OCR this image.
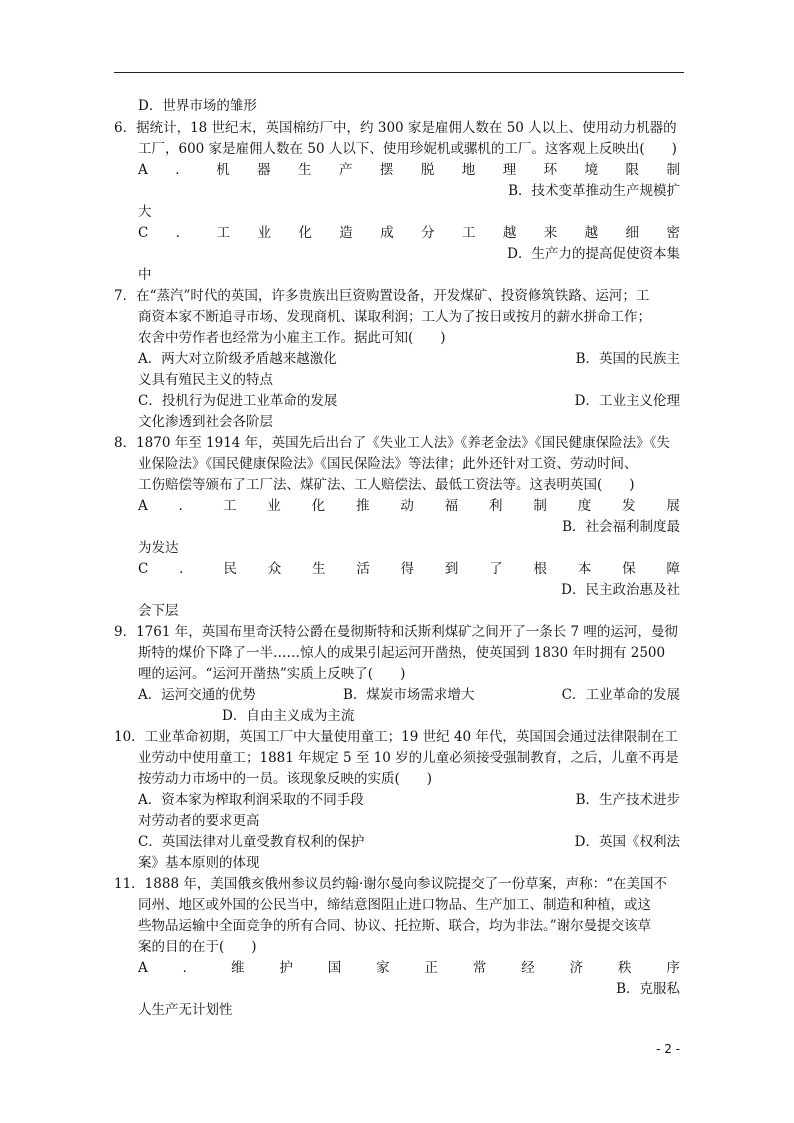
D．世界市场的雏形
6．据统计，18 世纪末，英国棉纺厂中，约 300 家是雇佣人数在 50 人以上、使用动力机器的
工厂，600 家是雇佣人数在 50 人以下、使用珍妮机或骡机的工厂。这客观上反映出(　　)
A ． 机 器 生 产 摆 脱 地 理 环 境 限 制
B．技术变革推动生产规模扩
大
C ． 工 业 化 造 成 分 工 越 来 越 细 密
D．生产力的提高促使资本集
中
7．在“蒸汽”时代的英国，许多贵族出巨资购置设备，开发煤矿、投资修筑铁路、运河；工
商资本家不断追寻市场、发现商机、谋取利润；工人为了按日或按月的薪水拼命工作；
农舍中劳作者也经常为小雇主工作。据此可知(　　)
A．两大对立阶级矛盾越来越激化	B．英国的民族主
义具有殖民主义的特点
C．投机行为促进工业革命的发展	D．工业主义伦理
文化渗透到社会各阶层
8．1870 年至 1914 年，英国先后出台了《失业工人法》《养老金法》《国民健康保险法》《失
业保险法》《国民健康保险法》《国民保险法》等法律；此外还针对工资、劳动时间、
工伤赔偿等颁布了工厂法、煤矿法、工人赔偿法、最低工资法等。这表明英国(　　)
A ． 工 业 化 推 动 福 利 制 度 发 展
B．社会福利制度最
为发达
C ． 民 众 生 活 得 到 了 根 本 保 障
D．民主政治惠及社
会下层
9．1761 年，英国布里奇沃特公爵在曼彻斯特和沃斯利煤矿之间开了一条长 7 哩的运河，曼彻
斯特的煤价下降了一半……惊人的成果引起运河开凿热，使英国到 1830 年时拥有 2500
哩的运河。“运河开凿热”实质上反映了(　　)
A．运河交通的优势	B．煤炭市场需求增大	C．工业革命的发展
D．自由主义成为主流
10．工业革命初期，英国工厂中大量使用童工；19 世纪 40 年代，英国国会通过法律限制在工
业劳动中使用童工；1881 年规定 5 至 10 岁的儿童必须接受强制教育，之后，儿童不再是
按劳动力市场中的一员。该现象反映的实质(　　)
A．资本家为榨取利润采取的不同手段	B．生产技术进步
对劳动者的要求更高
C．英国法律对儿童受教育权利的保护	D．英国《权利法
案》基本原则的体现
11．1888 年，美国俄亥俄州参议员约翰·谢尔曼向参议院提交了一份草案，声称：“在美国不
同州、地区或外国的公民当中，缔结意图阻止进口物品、生产加工、制造和种植，或这
些物品运输中全面竞争的所有合同、协议、托拉斯、联合，均为非法。”谢尔曼提交该草
案的目的在于(　　)
A	．	维	护	国	家	正	常	经	济	秩	序
B．克服私
人生产无计划性
- 2 -
